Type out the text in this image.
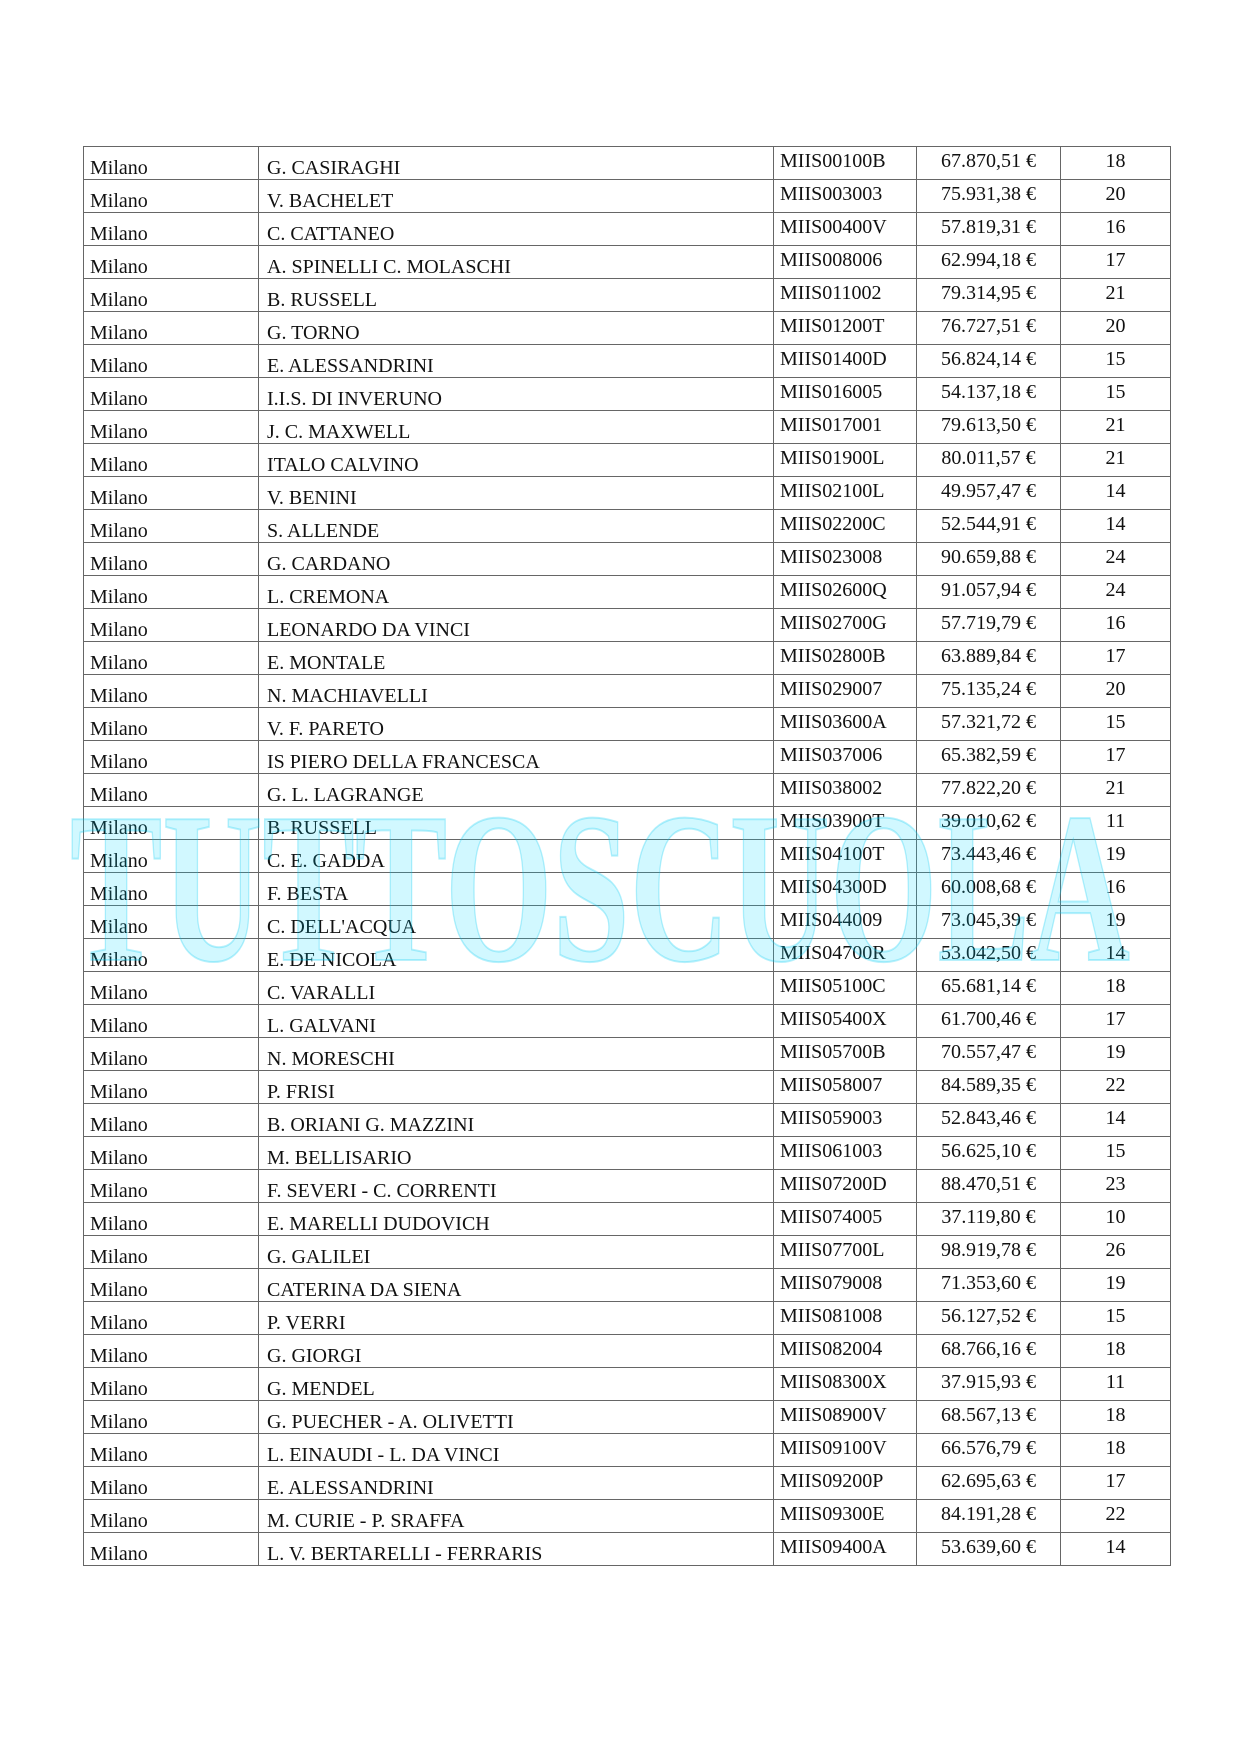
Milano	G. CASIRAGHI	MIIS00100B	67.870,51 €	18
Milano	V. BACHELET	MIIS003003	75.931,38 €	20
Milano	C. CATTANEO	MIIS00400V	57.819,31 €	16
Milano	A. SPINELLI C. MOLASCHI	MIIS008006	62.994,18 €	17
Milano	B. RUSSELL	MIIS011002	79.314,95 €	21
Milano	G. TORNO	MIIS01200T	76.727,51 €	20
Milano	E. ALESSANDRINI	MIIS01400D	56.824,14 €	15
Milano	I.I.S. DI INVERUNO	MIIS016005	54.137,18 €	15
Milano	J. C. MAXWELL	MIIS017001	79.613,50 €	21
Milano	ITALO CALVINO	MIIS01900L	80.011,57 €	21
Milano	V. BENINI	MIIS02100L	49.957,47 €	14
Milano	S. ALLENDE	MIIS02200C	52.544,91 €	14
Milano	G. CARDANO	MIIS023008	90.659,88 €	24
Milano	L. CREMONA	MIIS02600Q	91.057,94 €	24
Milano	LEONARDO DA VINCI	MIIS02700G	57.719,79 €	16
Milano	E. MONTALE	MIIS02800B	63.889,84 €	17
Milano	N. MACHIAVELLI	MIIS029007	75.135,24 €	20
Milano	V. F. PARETO	MIIS03600A	57.321,72 €	15
Milano	IS PIERO DELLA FRANCESCA	MIIS037006	65.382,59 €	17
Milano	G. L. LAGRANGE	MIIS038002	77.822,20 €	21
Milano	B. RUSSELL	MIIS03900T	39.010,62 €	11
Milano	C. E. GADDA	MIIS04100T	73.443,46 €	19
Milano	F. BESTA	MIIS04300D	60.008,68 €	16
Milano	C. DELL'ACQUA	MIIS044009	73.045,39 €	19
Milano	E. DE NICOLA	MIIS04700R	53.042,50 €	14
Milano	C. VARALLI	MIIS05100C	65.681,14 €	18
Milano	L. GALVANI	MIIS05400X	61.700,46 €	17
Milano	N. MORESCHI	MIIS05700B	70.557,47 €	19
Milano	P. FRISI	MIIS058007	84.589,35 €	22
Milano	B. ORIANI G. MAZZINI	MIIS059003	52.843,46 €	14
Milano	M. BELLISARIO	MIIS061003	56.625,10 €	15
Milano	F. SEVERI - C. CORRENTI	MIIS07200D	88.470,51 €	23
Milano	E. MARELLI DUDOVICH	MIIS074005	37.119,80 €	10
Milano	G. GALILEI	MIIS07700L	98.919,78 €	26
Milano	CATERINA DA SIENA	MIIS079008	71.353,60 €	19
Milano	P. VERRI	MIIS081008	56.127,52 €	15
Milano	G. GIORGI	MIIS082004	68.766,16 €	18
Milano	G. MENDEL	MIIS08300X	37.915,93 €	11
Milano	G. PUECHER - A. OLIVETTI	MIIS08900V	68.567,13 €	18
Milano	L. EINAUDI - L. DA VINCI	MIIS09100V	66.576,79 €	18
Milano	E. ALESSANDRINI	MIIS09200P	62.695,63 €	17
Milano	M. CURIE - P. SRAFFA	MIIS09300E	84.191,28 €	22
Milano	L. V. BERTARELLI - FERRARIS	MIIS09400A	53.639,60 €	14
TUTTOSCUOLA
